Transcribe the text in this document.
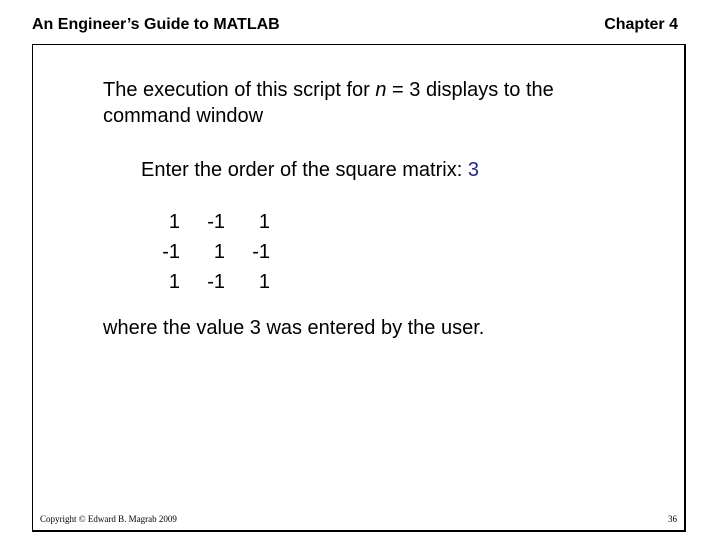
An Engineer’s Guide to MATLAB	Chapter 4
The execution of this script for n = 3 displays to the
command window
Enter the order of the square matrix: 3
1	-1	1
-1	1	-1
1	-1	1
where the value 3 was entered by the user.
Copyright © Edward B. Magrab 2009	36
